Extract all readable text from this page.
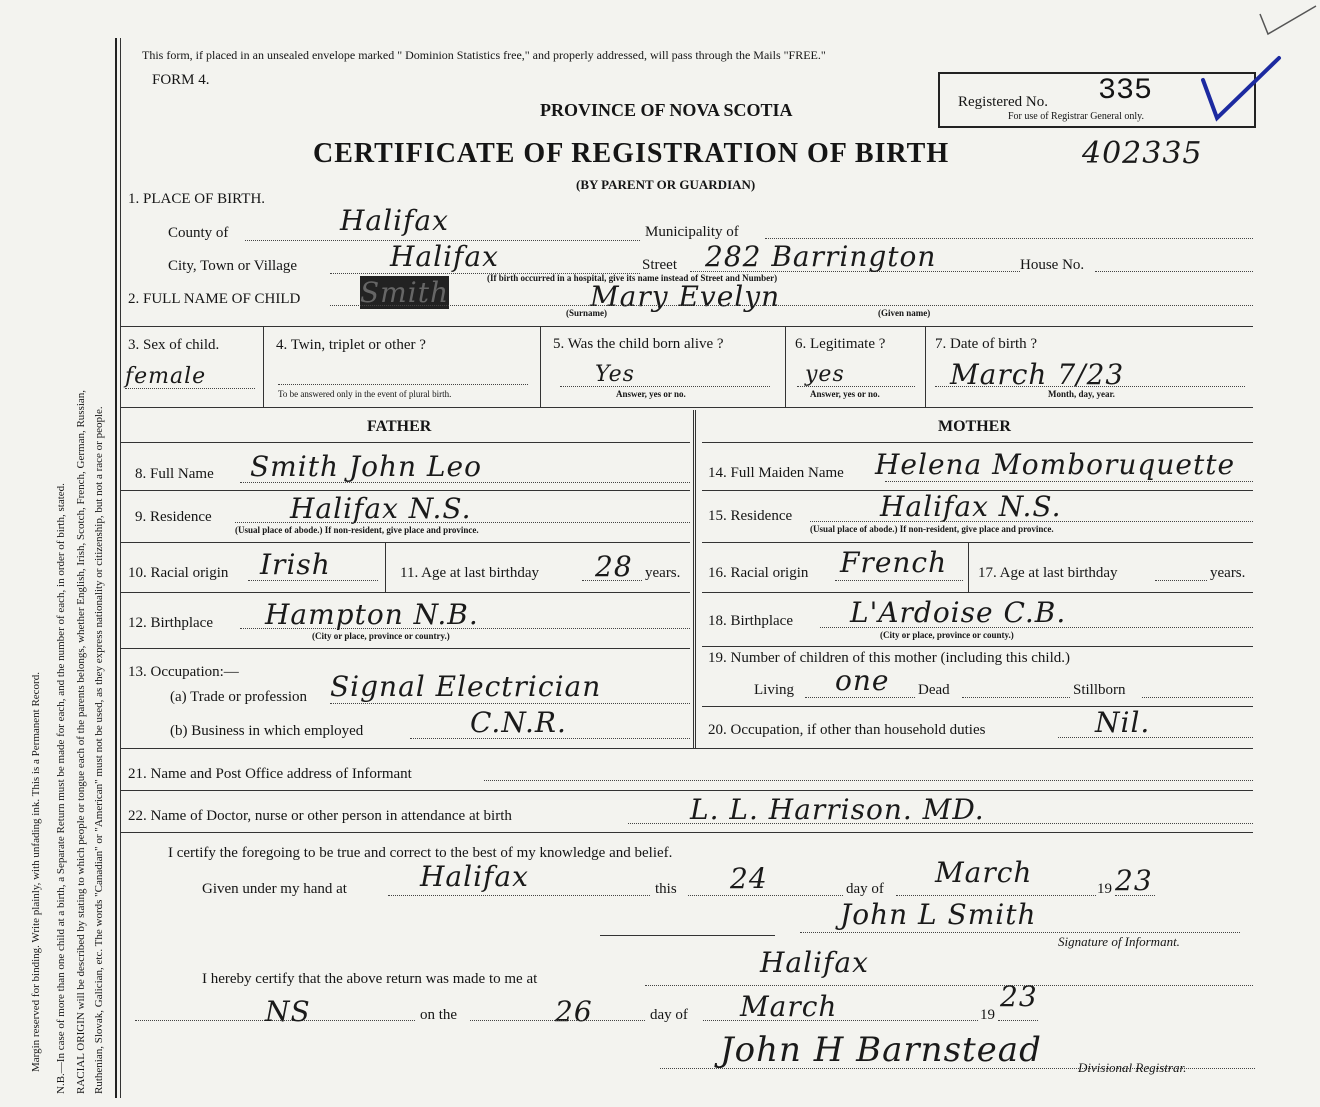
Margin reserved for binding. Write plainly, with unfading ink. This is a Permanent Record. N.B.—In case of more than one child at a birth, a Separate Return must be made for each, and the number of each, in order of birth, stated. RACIAL ORIGIN will be described by stating to which people or tongue each of the parents belongs, whether English, Irish, Scotch, French, German, Russian, Ruthenian, Slovak, Galician, etc. The words "Canadian" or "American" must not be used, as they express nationality or citizenship, but not a race or people.
This form, if placed in an unsealed envelope marked " Dominion Statistics free," and properly addressed, will pass through the Mails "FREE."
FORM 4.
PROVINCE OF NOVA SCOTIA	Registered No. 335
For use of Registrar General only.
CERTIFICATE OF REGISTRATION OF BIRTH	402335
(BY PARENT OR GUARDIAN)
1. PLACE OF BIRTH.
County of	Halifax	Municipality of
City, Town or Village	Halifax	Street 282 Barrington	House No.
(If birth occurred in a hospital, give its name instead of Street and Number)
2. FULL NAME OF CHILD Smith	Mary Evelyn
(Surname)	(Given name)
3. Sex of child.
female
4. Twin, triplet or other ?
To be answered only in the event of plural birth.
5. Was the child born alive ?
Yes
Answer, yes or no.
6. Legitimate ?
yes
Answer, yes or no.
7. Date of birth ?
March 7/23
Month, day, year.
FATHER	MOTHER
8. Full Name Smith John Leo
9. Residence	Halifax N.S.
(Usual place of abode.) If non-resident, give place and province.
10. Racial origin Irish	11. Age at last birthday 28 years.
12. Birthplace Hampton N.B.
(City or place, province or country.)
13. Occupation:—
(a) Trade or profession Signal Electrician
(b) Business in which employed	C.N.R.
14. Full Maiden Name Helena Momboruquette
15. Residence	Halifax N.S.
(Usual place of abode.) If non-resident, give place and province.
16. Racial origin French 17. Age at last birthday	years.
18. Birthplace L'Ardoise C.B.
(City or place, province or county.)
19. Number of children of this mother (including this child.)
Living one Dead	Stillborn
20. Occupation, if other than household duties	Nil.
21. Name and Post Office address of Informant
22. Name of Doctor, nurse or other person in attendance at birth	L. L. Harrison. MD.
I certify the foregoing to be true and correct to the best of my knowledge and belief.
Given under my hand at	Halifax	this 24	day of March	19 23
John L Smith
Signature of Informant.
I hereby certify that the above return was made to me at	Halifax
NS	on the	26	day of March	19
23
John H Barnstead	Divisional Registrar.
